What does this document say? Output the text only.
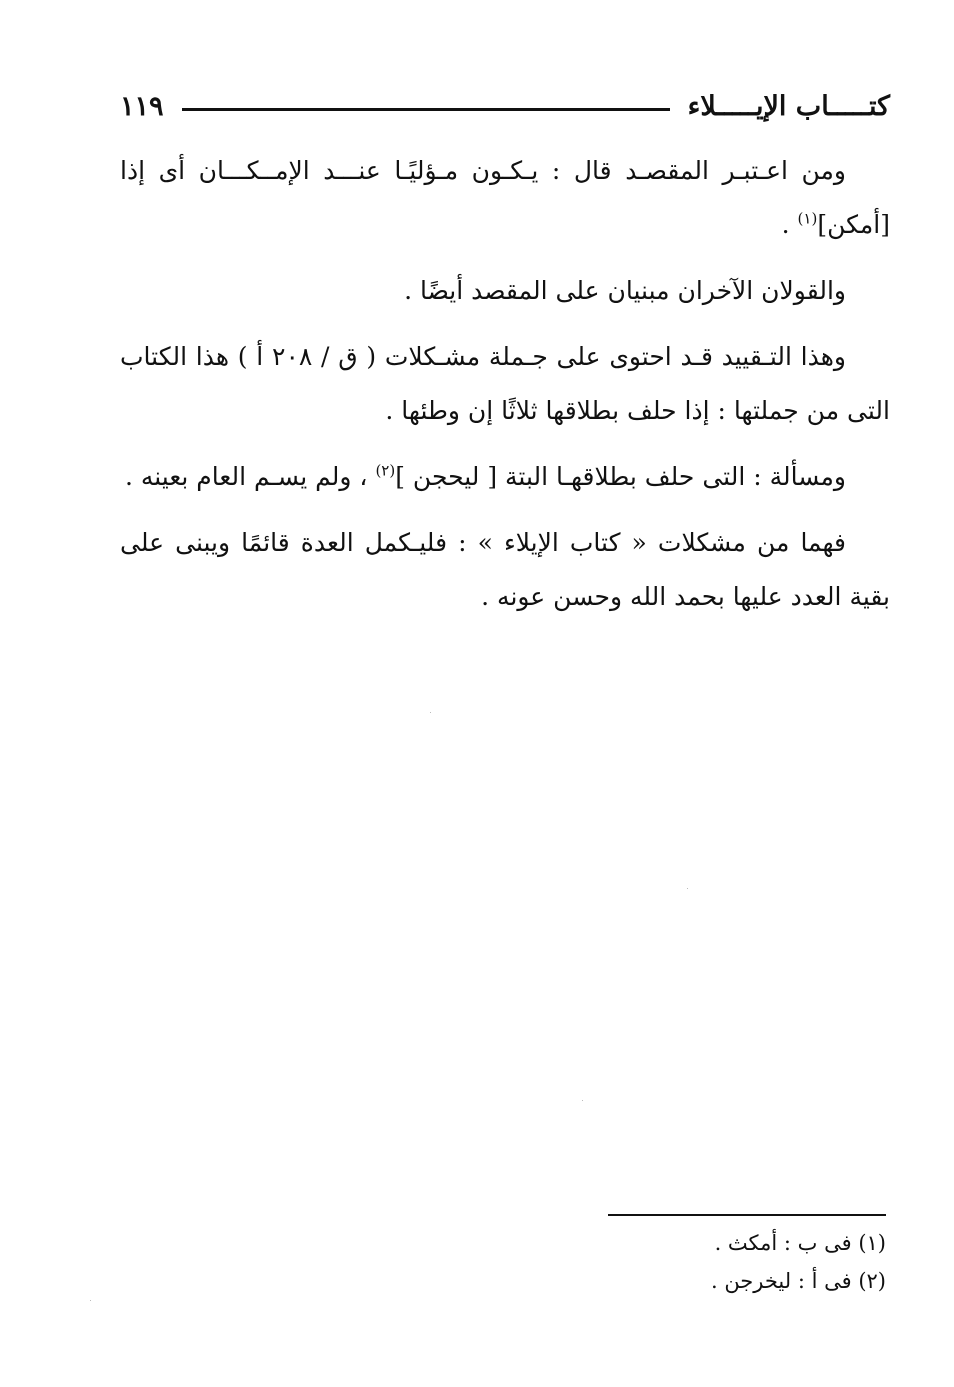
كتـــــاب الإيـــــلاء
١١٩

ومن اعـتبـر المقصـد قال : يـكـون مـؤليًـا عنـــد الإمــكـــان أى إذا [أمكن]$^{(١)}$ .

والقولان الآخران مبنيان على المقصد أيضًا .

وهذا التـقييد قـد احتوى على جـملة مشـكلات ( ق / ٢٠٨ أ ) هذا الكتاب التى من جملتها : إذا حلف بطلاقها ثلاثًا إن وطئها .

ومسألة : التى حلف بطلاقهـا البتة [ ليحجن ]$^{(٢)}$ ، ولم يسـم العام بعينه .

فهما من مشكلات « كتاب الإيلاء » : فليـكمل العدة قائمًا ويبنى على بقية العدد عليها بحمد الله وحسن عونه .

(١) فى ب : أمكث .

(٢) فى أ : ليخرجن .
